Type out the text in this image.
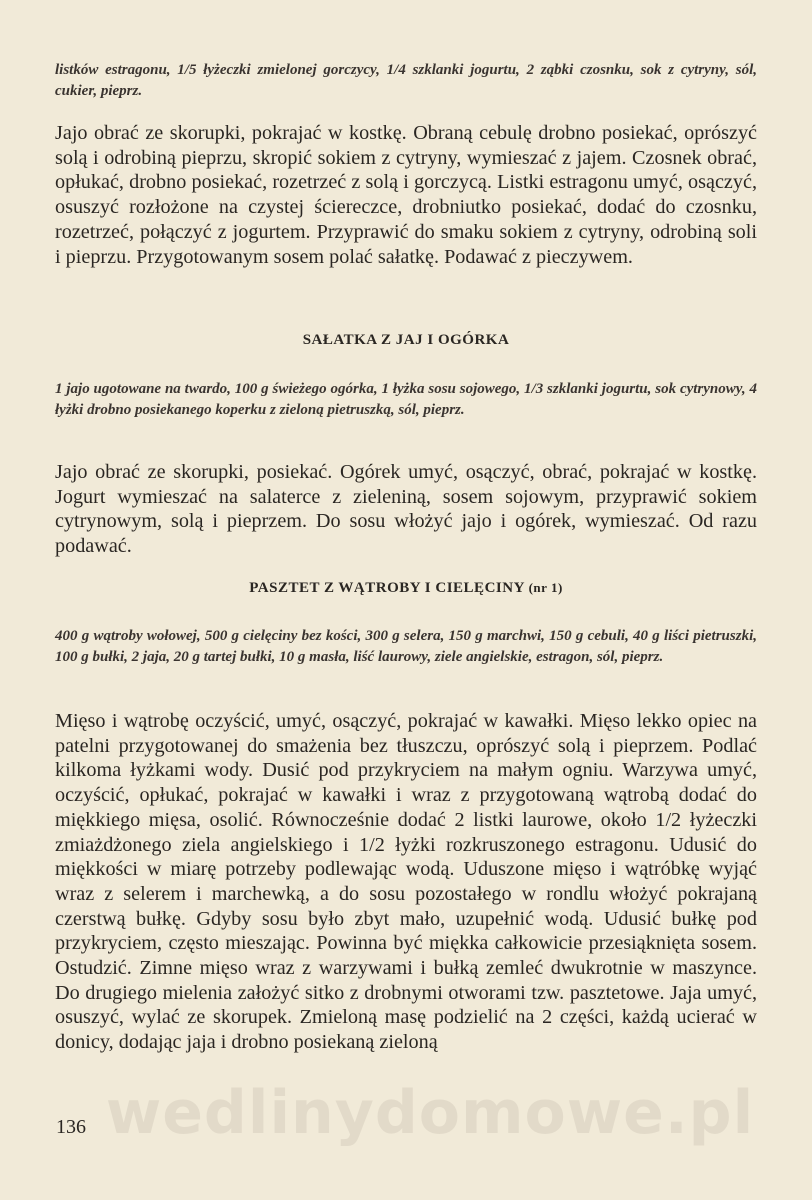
listków estragonu, 1/5 łyżeczki zmielonej gorczycy, 1/4 szklanki jogurtu, 2 ząbki czosnku, sok z cytryny, sól, cukier, pieprz.

Jajo obrać ze skorupki, pokrajać w kostkę. Obraną cebulę drobno posiekać, oprószyć solą i odrobiną pieprzu, skropić sokiem z cytryny, wymieszać z jajem. Czosnek obrać, opłukać, drobno posiekać, rozetrzeć z solą i gorczycą. Listki estragonu umyć, osączyć, osuszyć rozłożone na czystej ściereczce, drobniutko posiekać, dodać do czosnku, rozetrzeć, połączyć z jogurtem. Przyprawić do smaku sokiem z cytryny, odrobiną soli i pieprzu. Przygotowanym sosem polać sałatkę. Podawać z pieczywem.

SAŁATKA Z JAJ I OGÓRKA

1 jajo ugotowane na twardo, 100 g świeżego ogórka, 1 łyżka sosu sojowego, 1/3 szklanki jogurtu, sok cytrynowy, 4 łyżki drobno posiekanego koperku z zieloną pietruszką, sól, pieprz.

Jajo obrać ze skorupki, posiekać. Ogórek umyć, osączyć, obrać, pokrajać w kostkę. Jogurt wymieszać na salaterce z zieleniną, sosem sojowym, przyprawić sokiem cytrynowym, solą i pieprzem. Do sosu włożyć jajo i ogórek, wymieszać. Od razu podawać.

PASZTET Z WĄTROBY I CIELĘCINY (nr 1)

400 g wątroby wołowej, 500 g cielęciny bez kości, 300 g selera, 150 g marchwi, 150 g cebuli, 40 g liści pietruszki, 100 g bułki, 2 jaja, 20 g tartej bułki, 10 g masła, liść laurowy, ziele angielskie, estragon, sól, pieprz.

Mięso i wątrobę oczyścić, umyć, osączyć, pokrajać w kawałki. Mięso lekko opiec na patelni przygotowanej do smażenia bez tłuszczu, oprószyć solą i pieprzem. Podlać kilkoma łyżkami wody. Dusić pod przykryciem na małym ogniu. Warzywa umyć, oczyścić, opłukać, pokrajać w kawałki i wraz z przygotowaną wątrobą dodać do miękkiego mięsa, osolić. Równocześnie dodać 2 listki laurowe, około 1/2 łyżeczki zmiażdżonego ziela angielskiego i 1/2 łyżki rozkruszonego estragonu. Udusić do miękkości w miarę potrzeby podlewając wodą. Uduszone mięso i wątróbkę wyjąć wraz z selerem i marchewką, a do sosu pozostałego w rondlu włożyć pokrajaną czerstwą bułkę. Gdyby sosu było zbyt mało, uzupełnić wodą. Udusić bułkę pod przykryciem, często mieszając. Powinna być miękka całkowicie przesiąknięta sosem. Ostudzić. Zimne mięso wraz z warzywami i bułką zemleć dwukrotnie w maszynce. Do drugiego mielenia założyć sitko z drobnymi otworami tzw. pasztetowe. Jaja umyć, osuszyć, wylać ze skorupek. Zmieloną masę podzielić na 2 części, każdą ucierać w donicy, dodając jaja i drobno posiekaną zieloną

wedlinydomowe.pl
136
